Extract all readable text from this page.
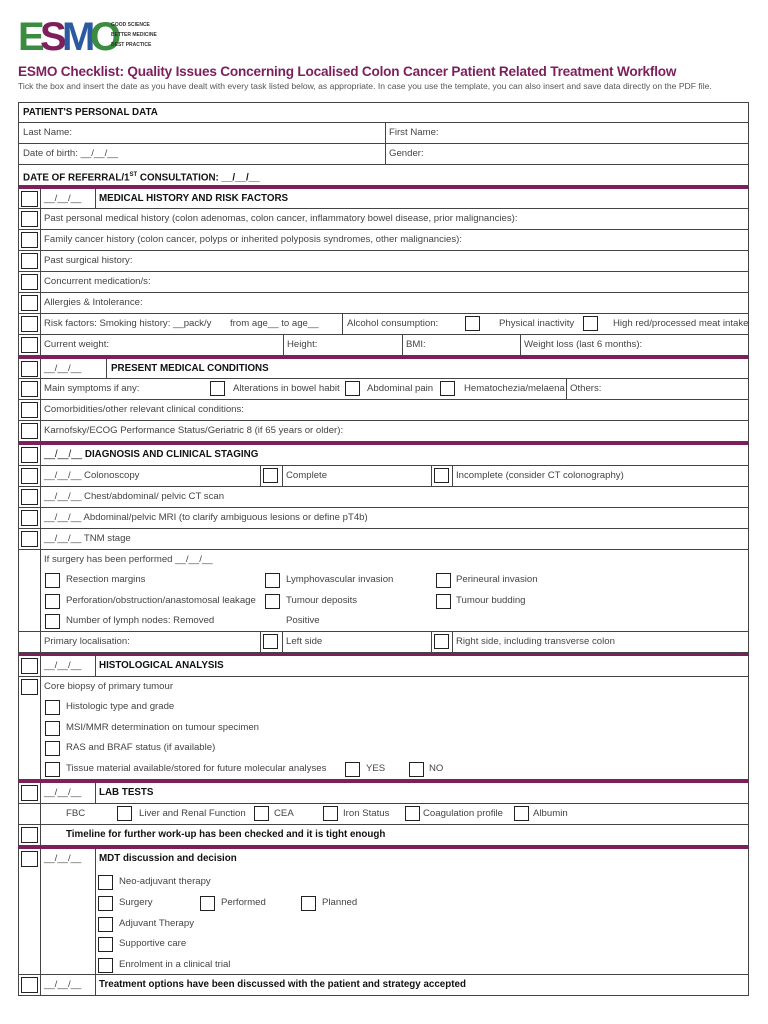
E
S
M
O
GOOD SCIENCE
BETTER MEDICINE
BEST PRACTICE
ESMO Checklist: Quality Issues Concerning Localised Colon Cancer Patient Related Treatment Workflow
Tick the box and insert the date as you have dealt with every task listed below, as appropriate. In case you use the template, you can also insert and save data directly on the PDF file.
PATIENT'S PERSONAL DATA
Last Name:	First Name:
Date of birth: __/__/__	Gender:
DATE OF REFERRAL/1ST CONSULTATION: __/__/__
__/__/__ MEDICAL HISTORY AND RISK FACTORS
Past personal medical history (colon adenomas, colon cancer, inflammatory bowel disease, prior malignancies):
Family cancer history (colon cancer, polyps or inherited polyposis syndromes, other malignancies):
Past surgical history:
Concurrent medication/s:
Allergies & Intolerance:
Risk factors: Smoking history: __pack/y from age__ to age__	Alcohol consumption:	Physical inactivity	High red/processed meat intake
Current weight:	Height:	BMI:	Weight loss (last 6 months):
__/__/__	PRESENT MEDICAL CONDITIONS
Main symptoms if any:	Alterations in bowel habit	Abdominal pain	Hematochezia/melaena Others:
Comorbidities/other relevant clinical conditions:
Karnofsky/ECOG Performance Status/Geriatric 8 (if 65 years or older):
__/__/__ DIAGNOSIS AND CLINICAL STAGING
__/__/__ Colonoscopy	Complete	Incomplete (consider CT colonography)
__/__/__ Chest/abdominal/ pelvic CT scan
__/__/__ Abdominal/pelvic MRI (to clarify ambiguous lesions or define pT4b)
__/__/__ TNM stage
If surgery has been performed __/__/__
Resection margins	Lymphovascular invasion	Perineural invasion
Perforation/obstruction/anastomosal leakage	Tumour deposits	Tumour budding
Number of lymph nodes: Removed	Positive
Primary localisation:	Left side	Right side, including transverse colon
__/__/__ HISTOLOGICAL ANALYSIS
Core biopsy of primary tumour
Histologic type and grade
MSI/MMR determination on tumour specimen
RAS and BRAF status (if available)
Tissue material available/stored for future molecular analyses	YES	NO
__/__/__ LAB TESTS
FBC	Liver and Renal Function	CEA	Iron Status	Coagulation profile	Albumin
Timeline for further work-up has been checked and it is tight enough
__/__/__ MDT discussion and decision
Neo-adjuvant therapy
Surgery	Performed	Planned
Adjuvant Therapy
Supportive care
Enrolment in a clinical trial
__/__/__ Treatment options have been discussed with the patient and strategy accepted
